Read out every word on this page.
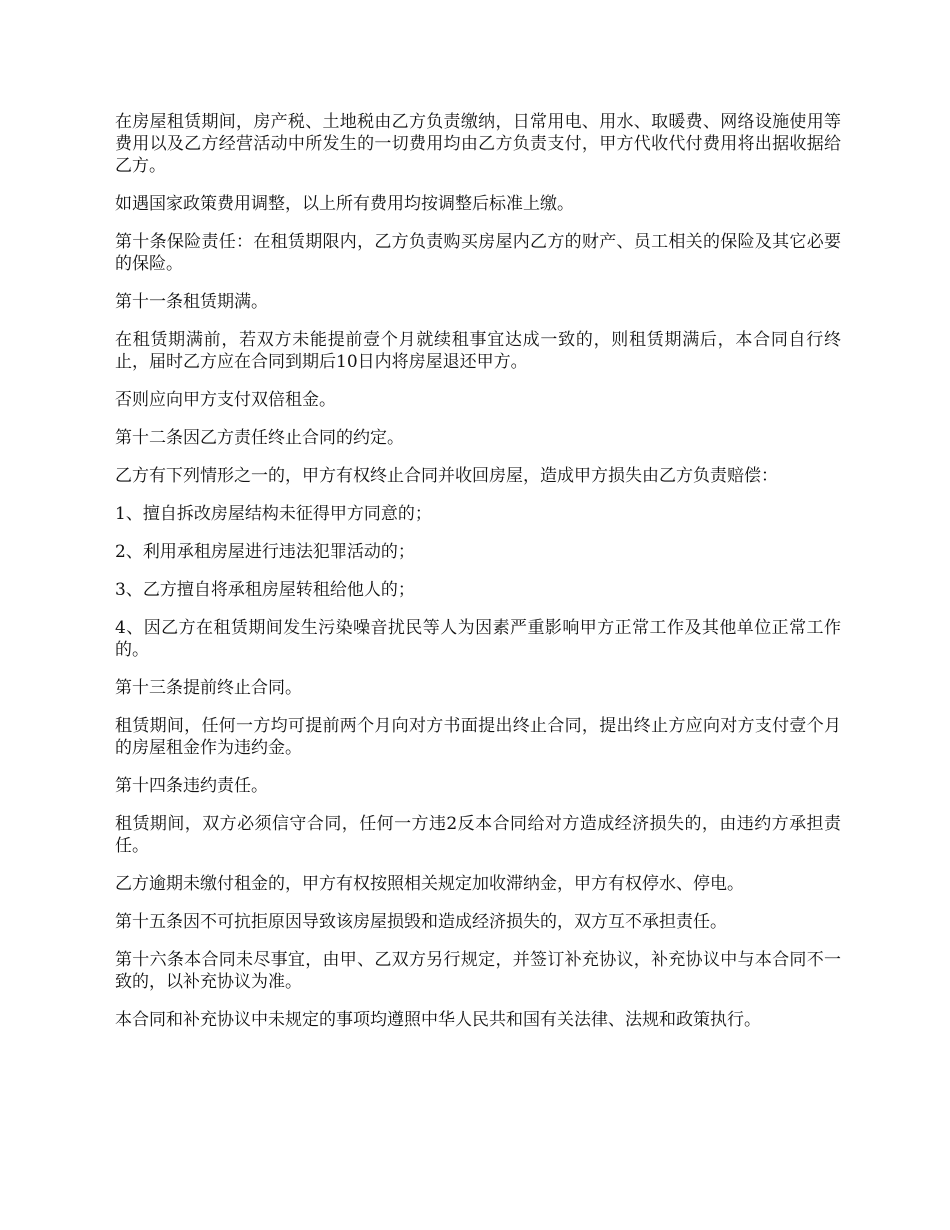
在房屋租赁期间，房产税、土地税由乙方负责缴纳，日常用电、用水、取暖费、网络设施使用等费用以及乙方经营活动中所发生的一切费用均由乙方负责支付，甲方代收代付费用将出据收据给乙方。

如遇国家政策费用调整，以上所有费用均按调整后标准上缴。

第十条保险责任：在租赁期限内，乙方负责购买房屋内乙方的财产、员工相关的保险及其它必要的保险。

第十一条租赁期满。

在租赁期满前，若双方未能提前壹个月就续租事宜达成一致的，则租赁期满后，本合同自行终止，届时乙方应在合同到期后10日内将房屋退还甲方。

否则应向甲方支付双倍租金。

第十二条因乙方责任终止合同的约定。

乙方有下列情形之一的，甲方有权终止合同并收回房屋，造成甲方损失由乙方负责赔偿：

1、擅自拆改房屋结构未征得甲方同意的；

2、利用承租房屋进行违法犯罪活动的；

3、乙方擅自将承租房屋转租给他人的；

4、因乙方在租赁期间发生污染噪音扰民等人为因素严重影响甲方正常工作及其他单位正常工作的。

第十三条提前终止合同。

租赁期间，任何一方均可提前两个月向对方书面提出终止合同，提出终止方应向对方支付壹个月的房屋租金作为违约金。

第十四条违约责任。

租赁期间，双方必须信守合同，任何一方违2反本合同给对方造成经济损失的，由违约方承担责任。

乙方逾期未缴付租金的，甲方有权按照相关规定加收滞纳金，甲方有权停水、停电。

第十五条因不可抗拒原因导致该房屋损毁和造成经济损失的，双方互不承担责任。

第十六条本合同未尽事宜，由甲、乙双方另行规定，并签订补充协议，补充协议中与本合同不一致的，以补充协议为准。

本合同和补充协议中未规定的事项均遵照中华人民共和国有关法律、法规和政策执行。
